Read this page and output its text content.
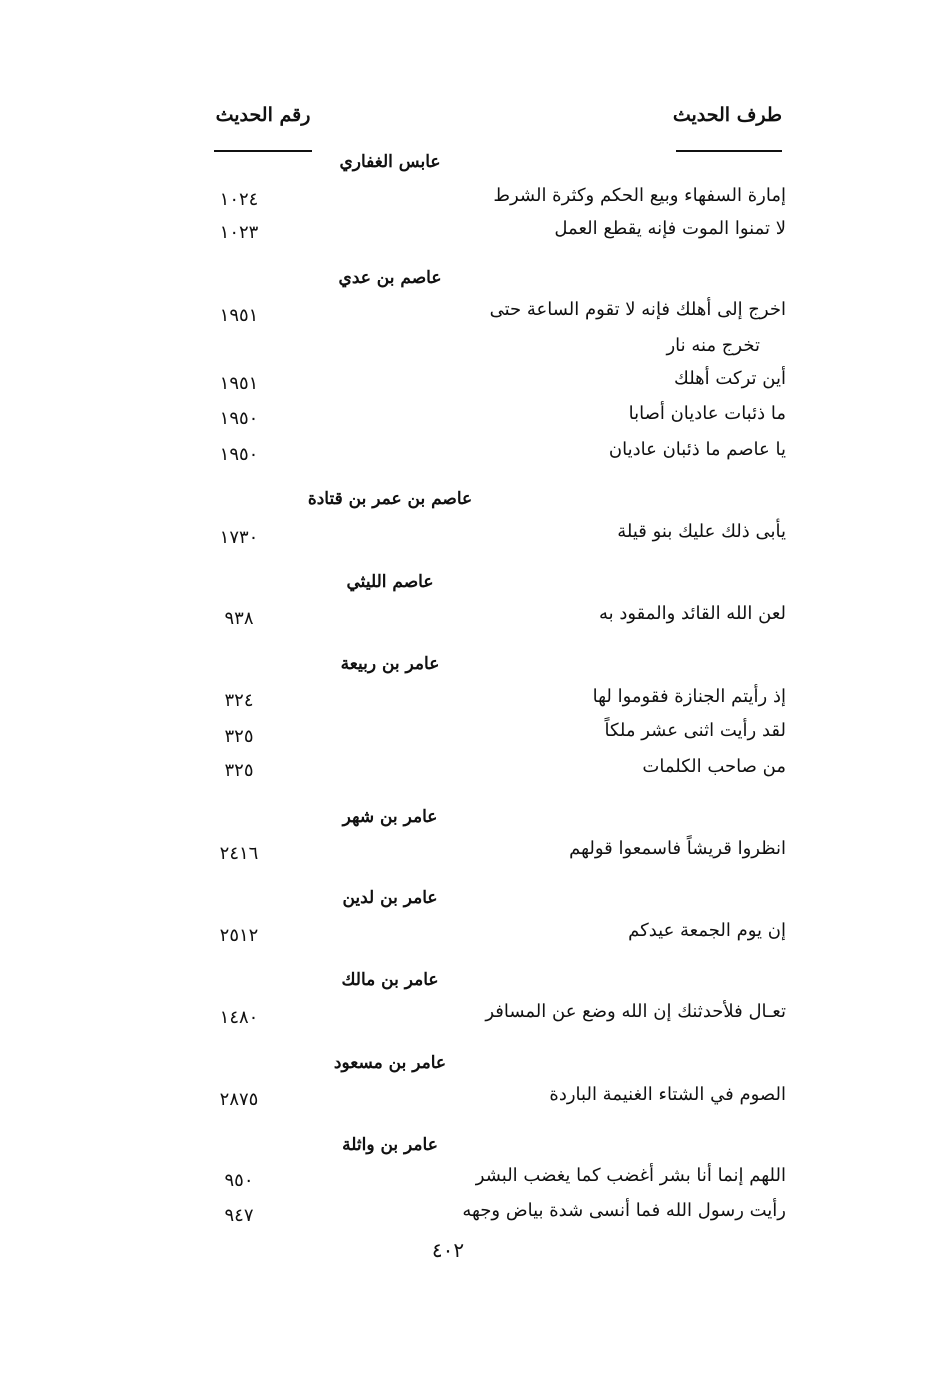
رقم الحديث	طرف الحديث
عابس الغفاري
إمارة السفهاء وبيع الحكم وكثرة الشرط
١٠٢٤
لا تمنوا الموت فإنه يقطع العمل
١٠٢٣
عاصم بن عدي
اخرج إلى أهلك فإنه لا تقوم الساعة حتى
١٩٥١
تخرج منه نار
أين تركت أهلك
١٩٥١
ما ذئبات عاديان أصابا
١٩٥٠
يا عاصم ما ذئبان عاديان
١٩٥٠
عاصم بن عمر بن قتادة
يأبى ذلك عليك بنو قيلة
١٧٣٠
عاصم الليثي
لعن الله القائد والمقود به
٩٣٨
عامر بن ربيعة
إذ رأيتم الجنازة فقوموا لها
٣٢٤
لقد رأيت اثنى عشر ملكاً
٣٢٥
من صاحب الكلمات
٣٢٥
عامر بن شهر
انظروا قريشاً فاسمعوا قولهم
٢٤١٦
عامر بن لدين
إن يوم الجمعة عيدكم
٢٥١٢
عامر بن مالك
تعـال فلأحدثنك إن الله وضع عن المسافر
١٤٨٠
عامر بن مسعود
الصوم في الشتاء الغنيمة الباردة
٢٨٧٥
عامر بن واثلة
اللهم إنما أنا بشر أغضب كما يغضب البشر
٩٥٠
رأيت رسول الله فما أنسى شدة بياض وجهه
٩٤٧
٤٠٢
